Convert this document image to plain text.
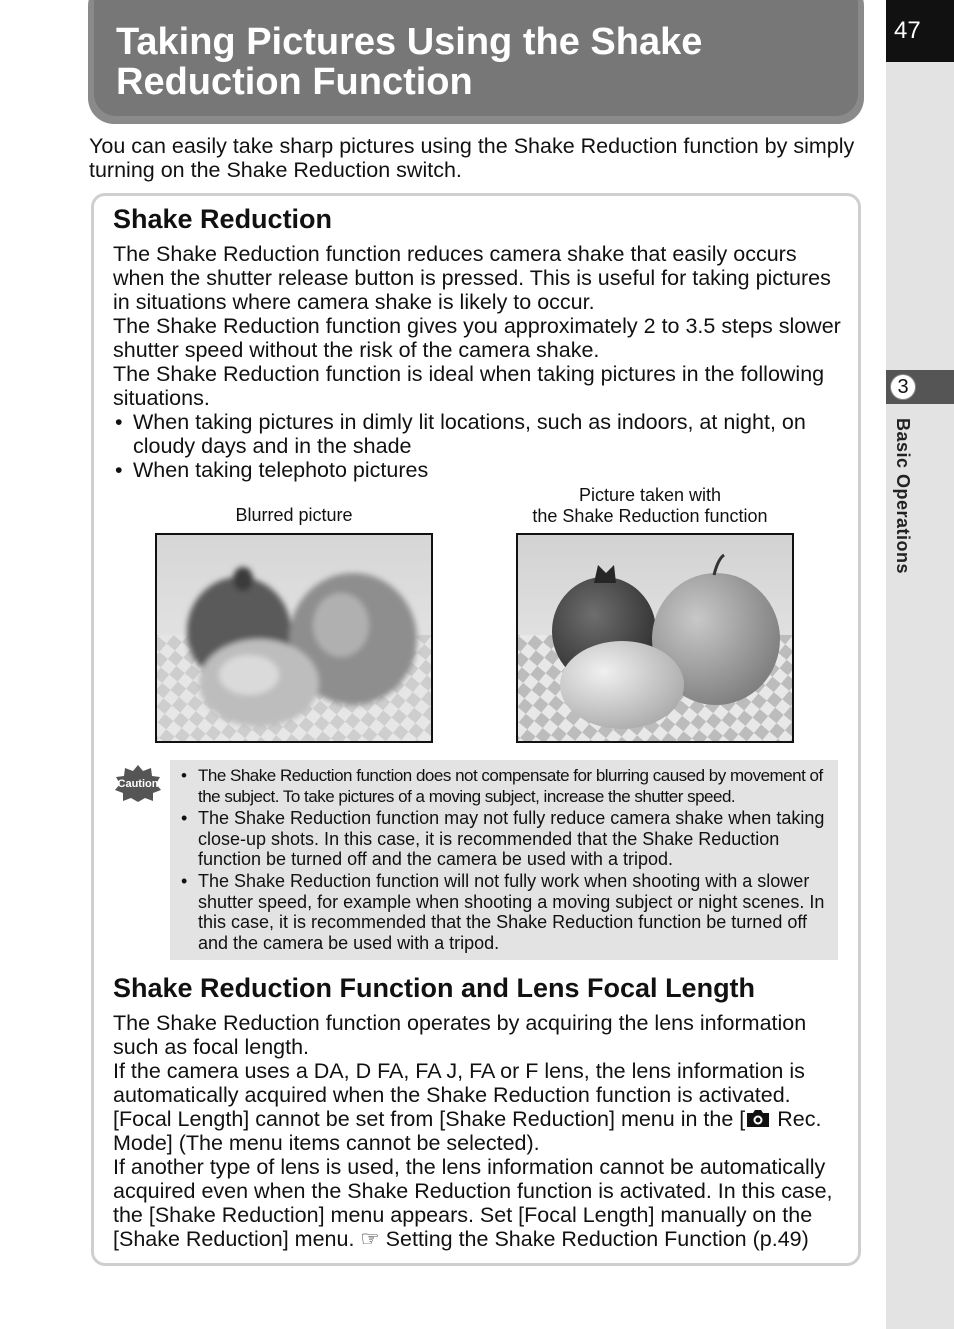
47
3
Basic Operations
Taking Pictures Using the Shake
Reduction Function

You can easily take sharp pictures using the Shake Reduction function by simply turning on the Shake Reduction switch.

Shake Reduction

The Shake Reduction function reduces camera shake that easily occurs when the shutter release button is pressed. This is useful for taking pictures in situations where camera shake is likely to occur.

The Shake Reduction function gives you approximately 2 to 3.5 steps slower shutter speed without the risk of the camera shake.

The Shake Reduction function is ideal when taking pictures in the following situations.

• When taking pictures in dimly lit locations, such as indoors, at night, on cloudy days and in the shade
• When taking telephoto pictures
Blurred picture
Picture taken with
the Shake Reduction function
Caution
•	The Shake Reduction function does not compensate for blurring caused by movement of the subject. To take pictures of a moving subject, increase the shutter speed.
• The Shake Reduction function may not fully reduce camera shake when taking close-up shots. In this case, it is recommended that the Shake Reduction function be turned off and the camera be used with a tripod.
• The Shake Reduction function will not fully work when shooting with a slower shutter speed, for example when shooting a moving subject or night scenes. In this case, it is recommended that the Shake Reduction function be turned off and the camera be used with a tripod.
Shake Reduction Function and Lens Focal Length

The Shake Reduction function operates by acquiring the lens information such as focal length.

If the camera uses a DA, D FA, FA J, FA or F lens, the lens information is automatically acquired when the Shake Reduction function is activated.

[Focal Length] cannot be set from [Shake Reduction] menu in the [ Rec. Mode] (The menu items cannot be selected).

If another type of lens is used, the lens information cannot be automatically acquired even when the Shake Reduction function is activated. In this case, the [Shake Reduction] menu appears. Set [Focal Length] manually on the [Shake Reduction] menu. ☞ Setting the Shake Reduction Function (p.49)
